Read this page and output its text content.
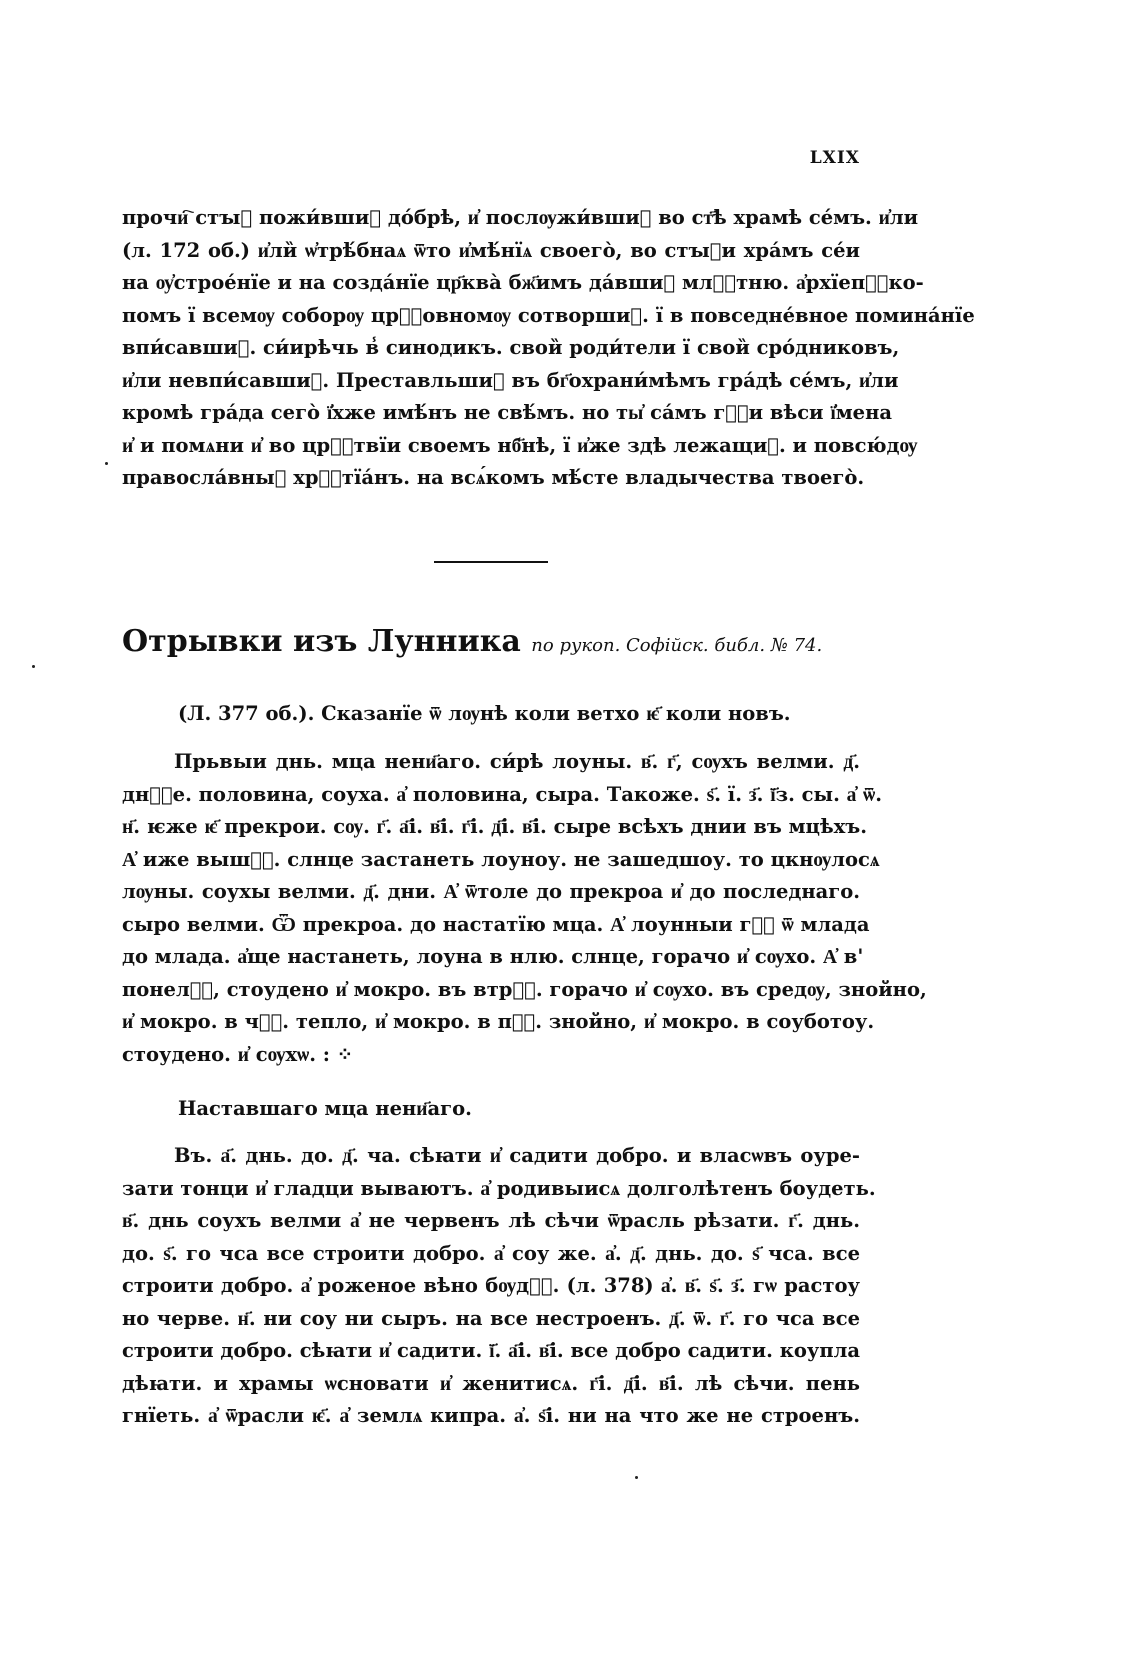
LXIX
прочи҇ стꙑ҇ пожи́вшиⷯ до́брѣ, и҆ послѹжи́вшиⷯ во ст҃ѣ храмѣ се́мъ. и҆ли
(л. 172 об.) и҆ли̏ ѡ҆трѣ́бнаѧ ѿто и҆мѣ́нїѧ своего̀, во стꙑ҇и хра́мъ се́и
на ѹ҆строе́нїе и на созда́нїе цр҃ква̀ бж҃имъ да́вшиⷯ млⷭ҇тню. а҆рхїепⷭ҇ко-
помъ ї всемѹ соборѹ црⷦ҇овномѹ сотворшиⷯ. ї в повседне́вное помина́нїе
впи́савшиⷯ. си́ирѣчь в̾ синодикъ. свои̏ роди́тели ї свои̏ сро́дниковъ,
и҆ли невпи́савшиⷯ. Преставльшиⷯ въ бг҃охрани́мѣмъ гра́дѣ се́мъ, и҆ли
кромѣ гра́да сего̀ ї҆хже имѣ́нъ не свѣ́мъ. но ты҆ са́мъ гⷭ҇и вѣси ї҆мена
и҆ и помѧни и҆ во црⷭ҇твїи своемъ нб҃нѣ, ї и҆же здѣ лежащиⷯ. и повсю́дѹ
правосла́вныⷯ хрⷭ҇тїа́нъ. на всѧ́комъ мѣ́сте владычества твоего̀.
Отрывки изъ Лунника по рукоп. Софійск. библ. № 74.
(Л. 377 об.). Сказанїе ѿ лѹнѣ коли ветхо ѥ҃ коли новъ.
Прьвыи днь. мца нени҃аго. си́рѣ лоуны. в҃. г҃, сѹхъ велми. д҃.
днⷭ҇е. половина, соуха. а҆ половина, сыра. Такоже. ѕ҃. ї. з҃. ї҃з. сы. а҆ ѿ.
н҃. ѥже ѥ҃ прекрои. сѹ. г҃. а҃і. в҃і. г҃і. д҃і. в҃і. сыре всѣхъ днии въ мцѣхъ.
А҆ иже вышⷷ҇. слнце застанеть лоуноу. не зашедшоу. то цкнѹлосѧ
лѹны. соухы велми. д҃. дни. А҆ ѿтоле до прекроа и҆ до последнаго.
сыро велми. Ѿ прекроа. до настатїю мца. А҆ лоунныи гⷭ҇ ѿ млада
до млада. а҆ще настанеть, лоуна в нлю. слнце, горачо и҆ сѹхо. А҆ в'
понелⷭ҇, стоудено и҆ мокро. въ втрⷭ҇. горачо и҆ сѹхо. въ средѹ, знойно,
и҆ мокро. в чⷮ҇. тепло, и҆ мокро. в пⷮ҇. знойно, и҆ мокро. в соуботоу.
стоудено. и҆ сѹхѡ. : ⁘
Наставшаго мца нени҃аго.
Въ. а҃. днь. до. д҃. ча. сѣꙗти и҆ садити добро. и власѡвъ оуре-
зати тонци и҆ гладци вываютъ. а҆ родивыисѧ долголѣтенъ боудеть.
в҃. днь соухъ велми а҆ не червенъ лѣ сѣчи ѿрасль рѣзати. г҃. днь.
до. ѕ҃. го чса все строити добро. а҆ соу же. а҆. д҃. днь. до. ѕ҃ чса. все
строити добро. а҆ роженое вѣно бѹдⷮ҇. (л. 378) а҆. в҃. ѕ҃. з҃. гѡ растоу
но черве. н҃. ни соу ни сыръ. на все нестроенъ. д҃. ѿ. г҃. го чса все
строити добро. сѣꙗти и҆ садити. ї҃. а҃і. в҃і. все добро садити. коупла
дѣꙗти. и храмы ѡсновати и҆ женитисѧ. г҃і. д҃і. в҃і. лѣ сѣчи. пень
гнїеть. а҆ ѿрасли ѥ҃. а҆ землѧ кипра. а҆. ѕ҃і. ни на что же не строенъ.
